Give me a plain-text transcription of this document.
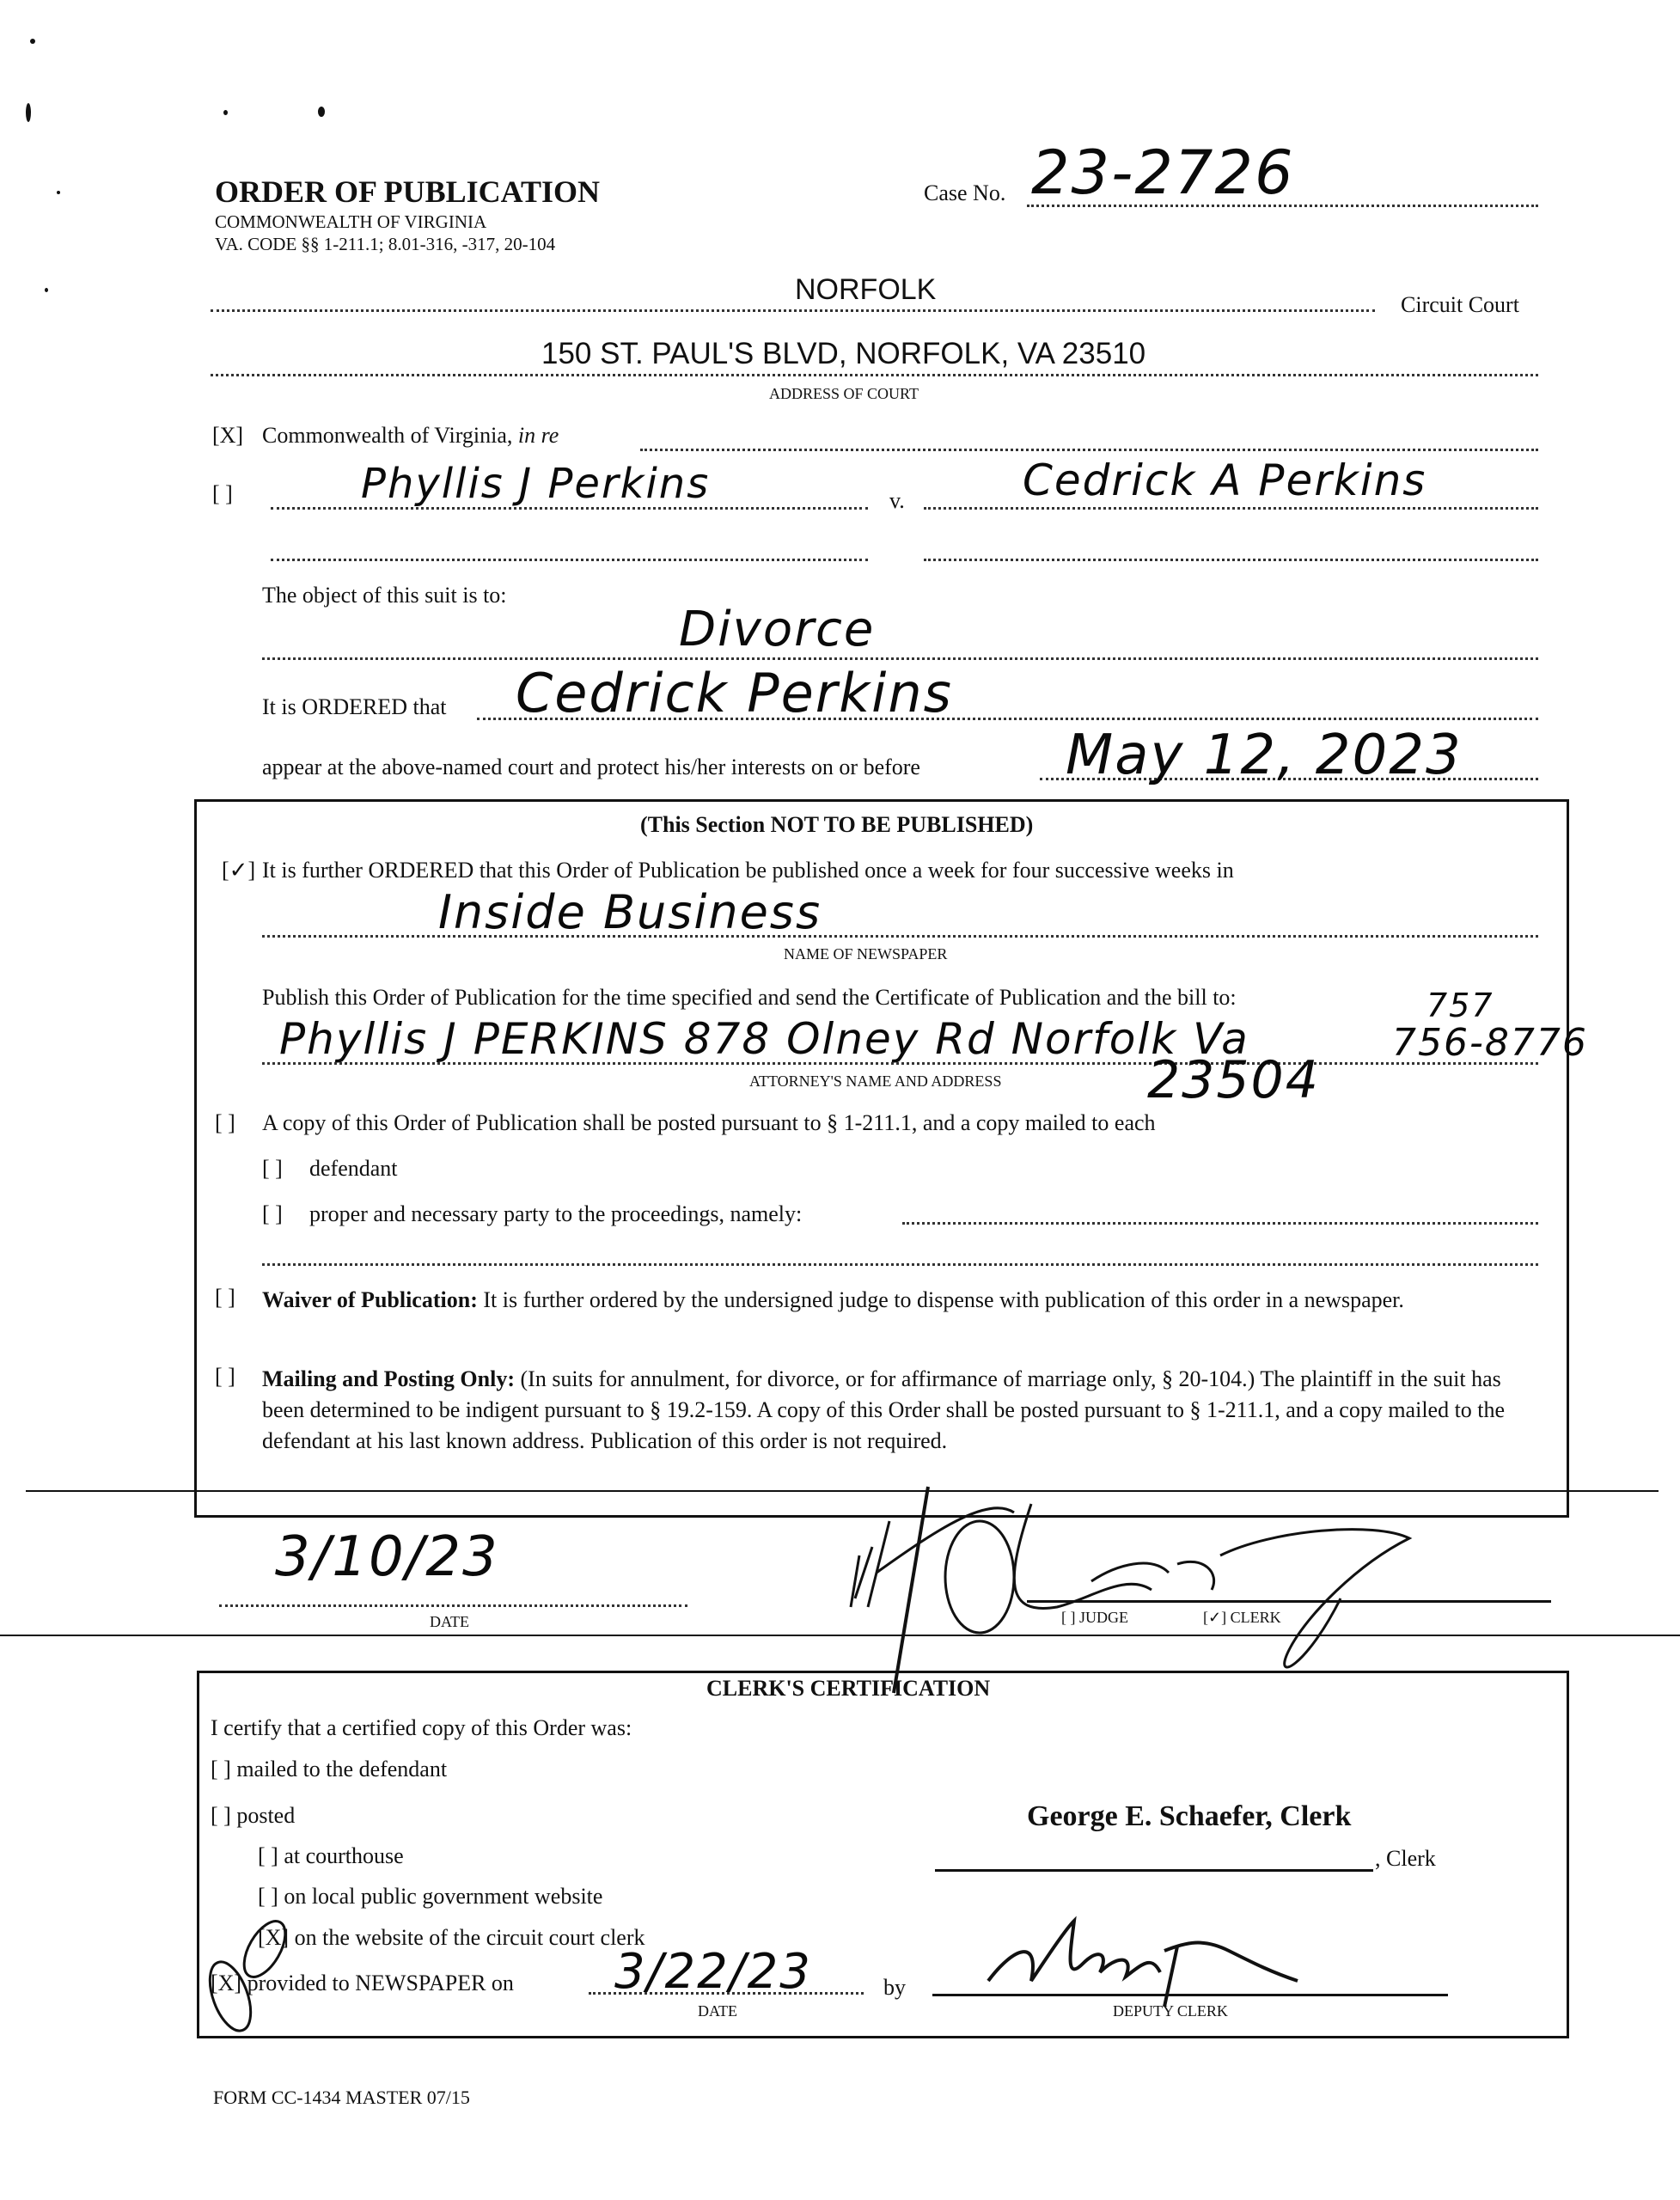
ORDER OF PUBLICATION
COMMONWEALTH OF VIRGINIA
VA. CODE §§ 1-211.1; 8.01-316, -317, 20-104
Case No. 23-2726
NORFOLK	Circuit Court
150 ST. PAUL'S BLVD, NORFOLK, VA 23510
ADDRESS OF COURT
[X] Commonwealth of Virginia, in re
[ ]	Phyllis J Perkins	v.	Cedrick A Perkins
The object of this suit is to:
Divorce
It is ORDERED that Cedrick Perkins
appear at the above-named court and protect his/her interests on or before	May 12, 2023
(This Section NOT TO BE PUBLISHED)
[✓] It is further ORDERED that this Order of Publication be published once a week for four successive weeks in
Inside Business
NAME OF NEWSPAPER
Publish this Order of Publication for the time specified and send the Certificate of Publication and the bill to:	757
Phyllis J PERKINS 878 Olney Rd Norfolk Va	756-8776
ATTORNEY'S NAME AND ADDRESS	23504
[ ] A copy of this Order of Publication shall be posted pursuant to § 1-211.1, and a copy mailed to each
[ ] defendant
[ ] proper and necessary party to the proceedings, namely:
[ ] Waiver of Publication: It is further ordered by the undersigned judge to dispense with publication of this order in a newspaper.
[ ] Mailing and Posting Only: (In suits for annulment, for divorce, or for affirmance of marriage only, § 20-104.) The plaintiff in the suit has been determined to be indigent pursuant to § 19.2-159. A copy of this Order shall be posted pursuant to § 1-211.1, and a copy mailed to the defendant at his last known address. Publication of this order is not required.
3/10/23
DATE	[ ] JUDGE	[✓] CLERK
CLERK'S CERTIFICATION
I certify that a certified copy of this Order was:
[ ] mailed to the defendant
[ ] posted
[ ] at courthouse
[ ] on local public government website
[X] on the website of the circuit court clerk
[X] provided to NEWSPAPER on 3/22/23
DATE
by
George E. Schaefer, Clerk
, Clerk
DEPUTY CLERK
FORM CC-1434 MASTER 07/15
